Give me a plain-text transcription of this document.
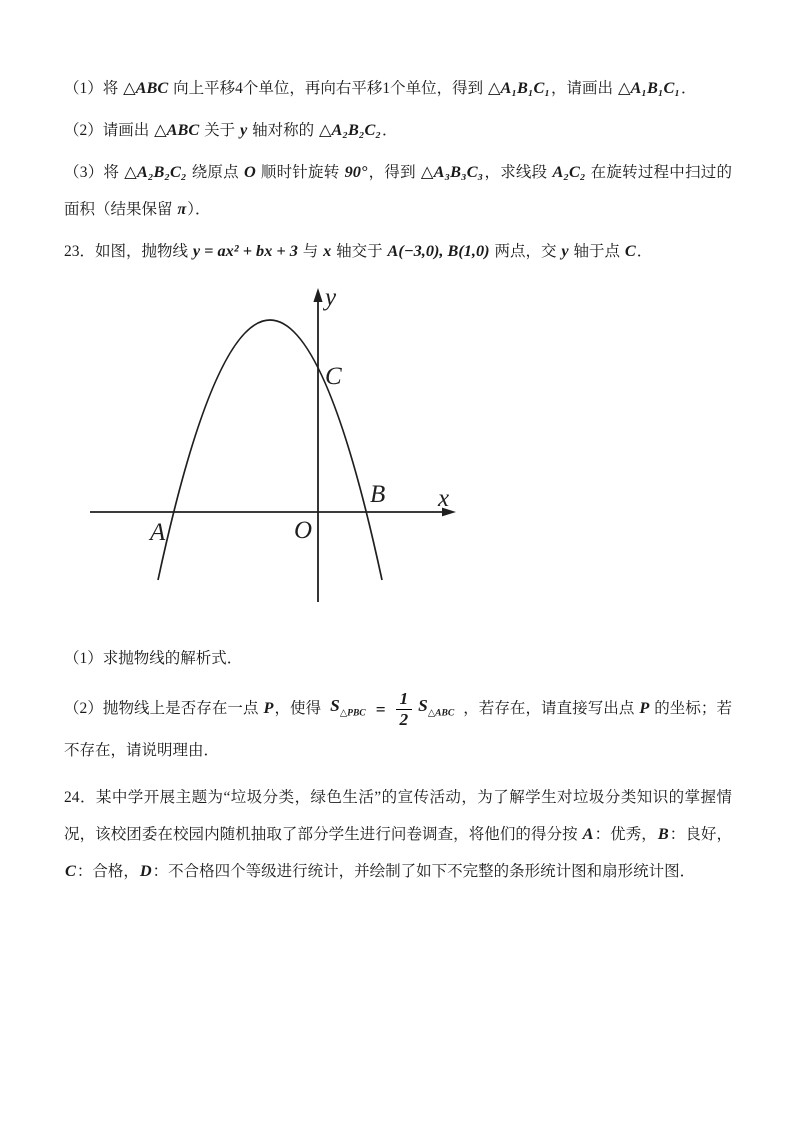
（1）将 △ABC 向上平移4个单位，再向右平移1个单位，得到 △A₁B₁C₁，请画出 △A₁B₁C₁．

（2）请画出 △ABC 关于 y 轴对称的 △A₂B₂C₂．

（3）将 △A₂B₂C₂ 绕原点 O 顺时针旋转 90°，得到 △A₃B₃C₃，求线段 A₂C₂ 在旋转过程中扫过的面积（结果保留 π）．

23．如图，抛物线 y = ax² + bx + 3 与 x 轴交于 A(−3,0), B(1,0) 两点，交 y 轴于点 C．

y
x
O
A
B
C

（1）求抛物线的解析式．

（2）抛物线上是否存在一点 P，使得 $S_{\triangle PBC} = \frac{1}{2} S_{\triangle ABC}$ ，若存在，请直接写出点 P 的坐标；若不存在，请说明理由．

24．某中学开展主题为“垃圾分类，绿色生活”的宣传活动，为了解学生对垃圾分类知识的掌握情况，该校团委在校园内随机抽取了部分学生进行问卷调查，将他们的得分按 A：优秀，B：良好，C：合格，D：不合格四个等级进行统计，并绘制了如下不完整的条形统计图和扇形统计图．
